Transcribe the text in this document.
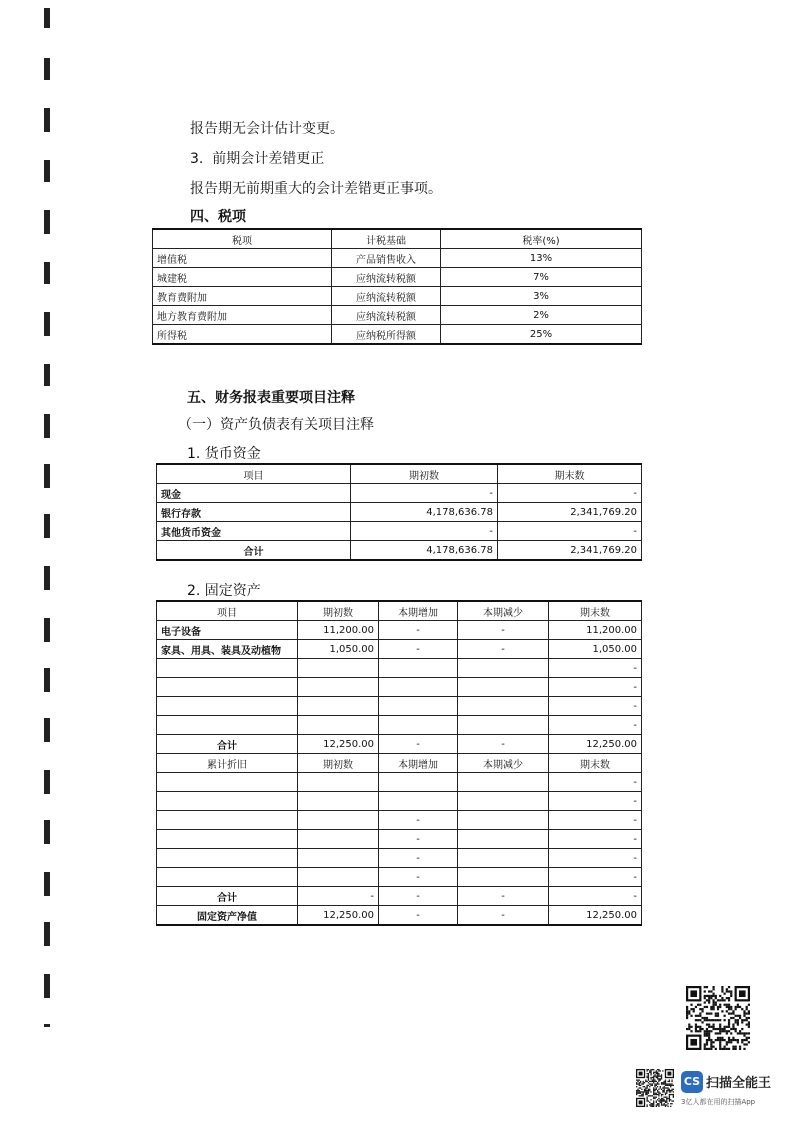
报告期无会计估计变更。
3. 前期会计差错更正
报告期无前期重大的会计差错更正事项。
四、税项
税项	计税基础	税率(%)
增值税	产品销售收入	13%
城建税	应纳流转税额	7%
教育费附加	应纳流转税额	3%
地方教育费附加	应纳流转税额	2%
所得税	应纳税所得额	25%
五、财务报表重要项目注释
（一）资产负债表有关项目注释
1. 货币资金
项目	期初数	期末数
现金	-	-
银行存款	4,178,636.78	2,341,769.20
其他货币资金	-	-
合计	4,178,636.78	2,341,769.20
2. 固定资产
项目	期初数	本期增加	本期减少	期末数
电子设备	11,200.00	-	-	11,200.00
家具、用具、装具及动植物	1,050.00	-	-	1,050.00
				-
				-
				-
				-
合计	12,250.00	-	-	12,250.00
累计折旧	期初数	本期增加	本期减少	期末数
				-
				-
		-		-
		-		-
		-		-
		-		-
合计	-	-	-	-
固定资产净值	12,250.00	-	-	12,250.00
CS 扫描全能王
3亿人都在用的扫描App
